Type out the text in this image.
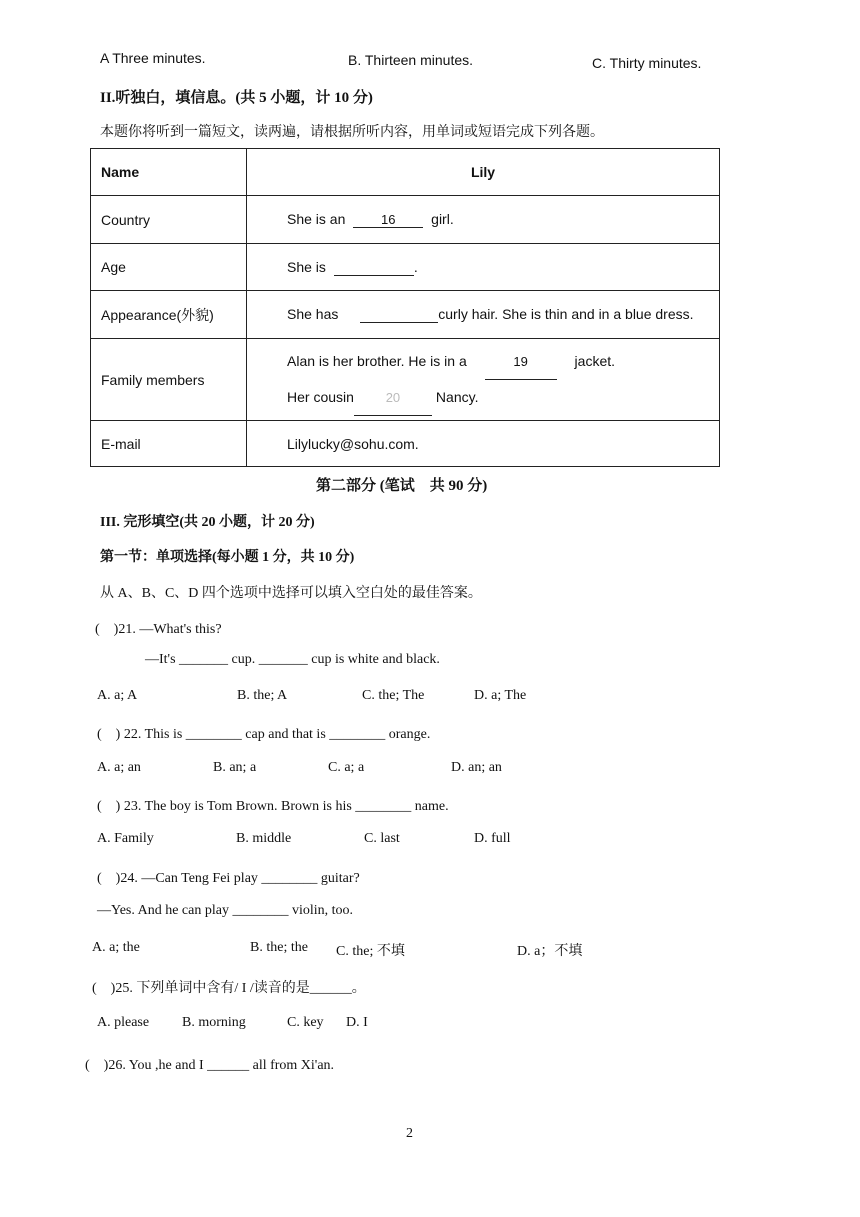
A Three minutes.	B. Thirteen minutes.	C. Thirty minutes.
II.听独白，填信息。(共 5 小题，计 10 分)
本题你将听到一篇短文，读两遍，请根据所听内容，用单词或短语完成下列各题。
Name	Lily
Country	She is an 16 girl.
Age	She is .
Appearance(外貌)	She has curly hair. She is thin and in a blue dress.
Family members	Alan is her brother. He is in a 19 jacket.
Her cousin 20 Nancy.

E-mail	Lilylucky@sohu.com.
第二部分 (笔试　共 90 分)
III. 完形填空(共 20 小题，计 20 分)
第一节：单项选择(每小题 1 分，共 10 分)
从 A、B、C、D 四个选项中选择可以填入空白处的最佳答案。
(　)21. —What's this?
—It's _______ cup. _______ cup is white and black.
A. a; A	B. the; A	C. the; The	D. a; The
(　) 22. This is ________ cap and that is ________ orange.
A. a; an	B. an; a	C. a; a	D. an; an
(　) 23. The boy is Tom Brown. Brown is his ________ name.
A. Family	B. middle	C. last	D. full
(　)24. —Can Teng Fei play ________ guitar?
—Yes. And he can play ________ violin, too.
A. a; the	B. the; the C. the; 不填	D. a；不填
(　)25. 下列单词中含有/ I /读音的是______。
A. please B. morning	C. key D. I
(　)26. You ,he and I ______ all from Xi'an.
2
